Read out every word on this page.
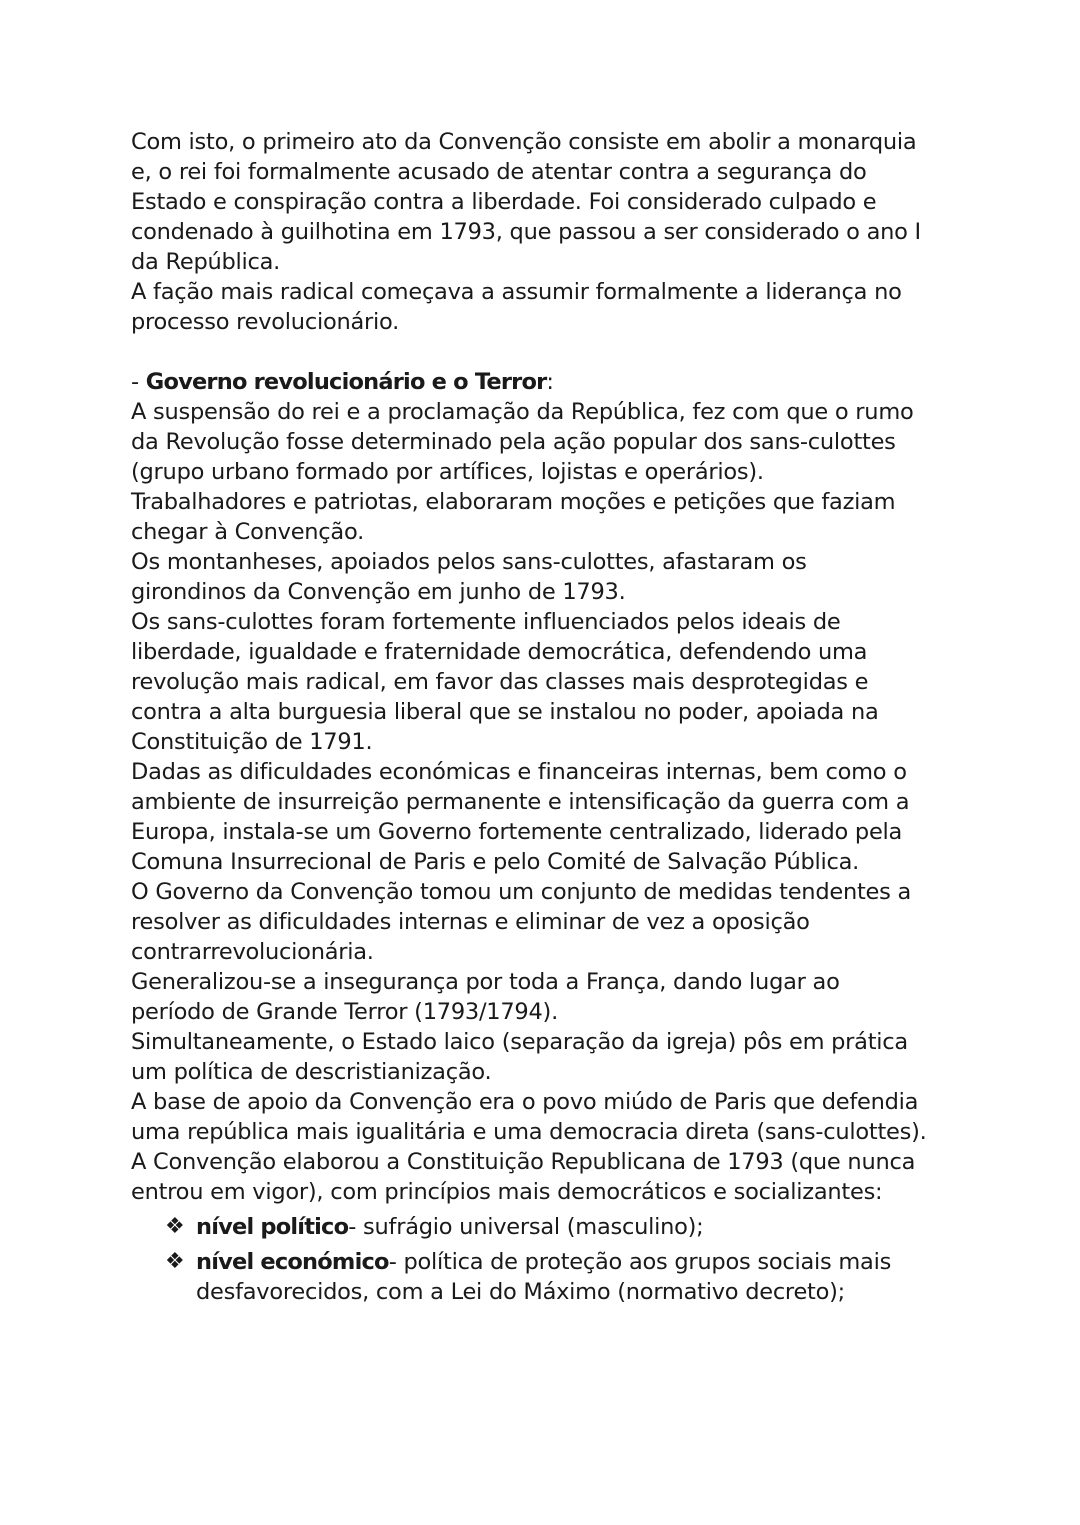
Com isto, o primeiro ato da Convenção consiste em abolir a monarquia
e, o rei foi formalmente acusado de atentar contra a segurança do
Estado e conspiração contra a liberdade. Foi considerado culpado e
condenado à guilhotina em 1793, que passou a ser considerado o ano I
da República.
A fação mais radical começava a assumir formalmente a liderança no
processo revolucionário.
- Governo revolucionário e o Terror:
A suspensão do rei e a proclamação da República, fez com que o rumo
da Revolução fosse determinado pela ação popular dos sans-culottes
(grupo urbano formado por artífices, lojistas e operários).
Trabalhadores e patriotas, elaboraram moções e petições que faziam
chegar à Convenção.
Os montanheses, apoiados pelos sans-culottes, afastaram os
girondinos da Convenção em junho de 1793.
Os sans-culottes foram fortemente influenciados pelos ideais de
liberdade, igualdade e fraternidade democrática, defendendo uma
revolução mais radical, em favor das classes mais desprotegidas e
contra a alta burguesia liberal que se instalou no poder, apoiada na
Constituição de 1791.
Dadas as dificuldades económicas e financeiras internas, bem como o
ambiente de insurreição permanente e intensificação da guerra com a
Europa, instala-se um Governo fortemente centralizado, liderado pela
Comuna Insurrecional de Paris e pelo Comité de Salvação Pública.
O Governo da Convenção tomou um conjunto de medidas tendentes a
resolver as dificuldades internas e eliminar de vez a oposição
contrarrevolucionária.
Generalizou-se a insegurança por toda a França, dando lugar ao
período de Grande Terror (1793/1794).
Simultaneamente, o Estado laico (separação da igreja) pôs em prática
um política de descristianização.
A base de apoio da Convenção era o povo miúdo de Paris que defendia
uma república mais igualitária e uma democracia direta (sans-culottes).
A Convenção elaborou a Constituição Republicana de 1793 (que nunca
entrou em vigor), com princípios mais democráticos e socializantes:
❖ nível político- sufrágio universal (masculino);
❖ nível económico- política de proteção aos grupos sociais mais
desfavorecidos, com a Lei do Máximo (normativo decreto);
